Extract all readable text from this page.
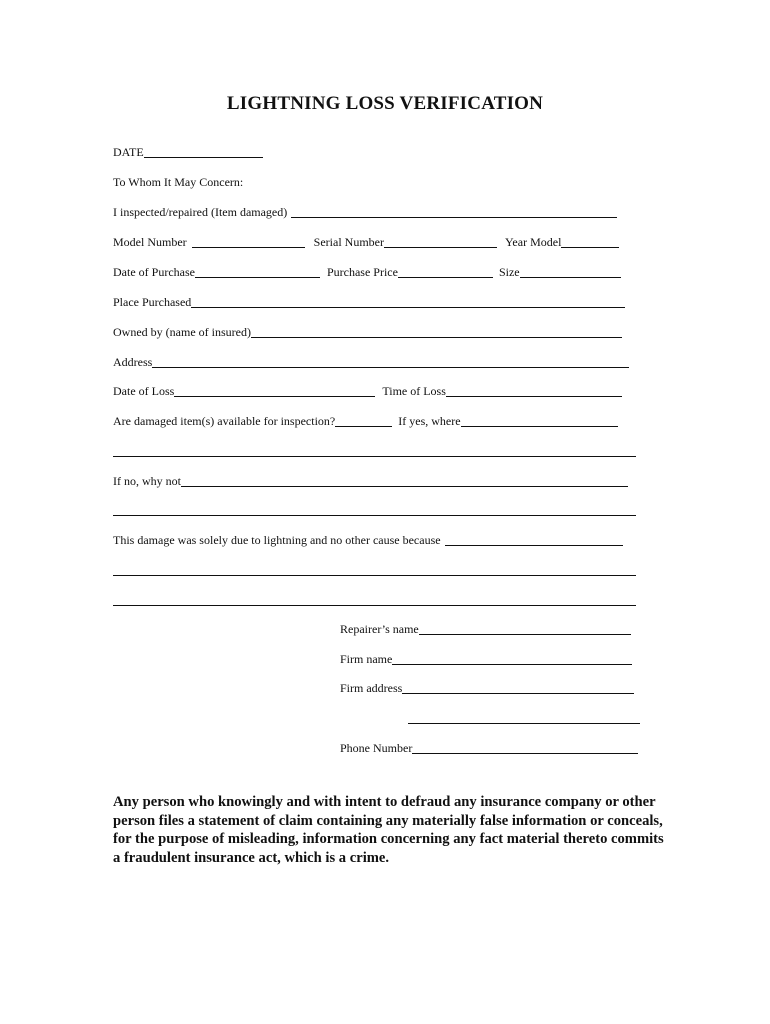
LIGHTNING LOSS VERIFICATION
DATE
To Whom It May Concern:
I inspected/repaired (Item damaged)
Model Number	Serial Number	Year Model
Date of Purchase	Purchase Price	Size
Place Purchased
Owned by (name of insured)
Address
Date of Loss	Time of Loss
Are damaged item(s) available for inspection?	If yes, where
If no, why not
This damage was solely due to lightning and no other cause because
Repairer’s name
Firm name
Firm address
Phone Number
Any person who knowingly and with intent to defraud any insurance company or other person files a statement of claim containing any materially false information or conceals, for the purpose of misleading, information concerning any fact material thereto commits a fraudulent insurance act, which is a crime.
